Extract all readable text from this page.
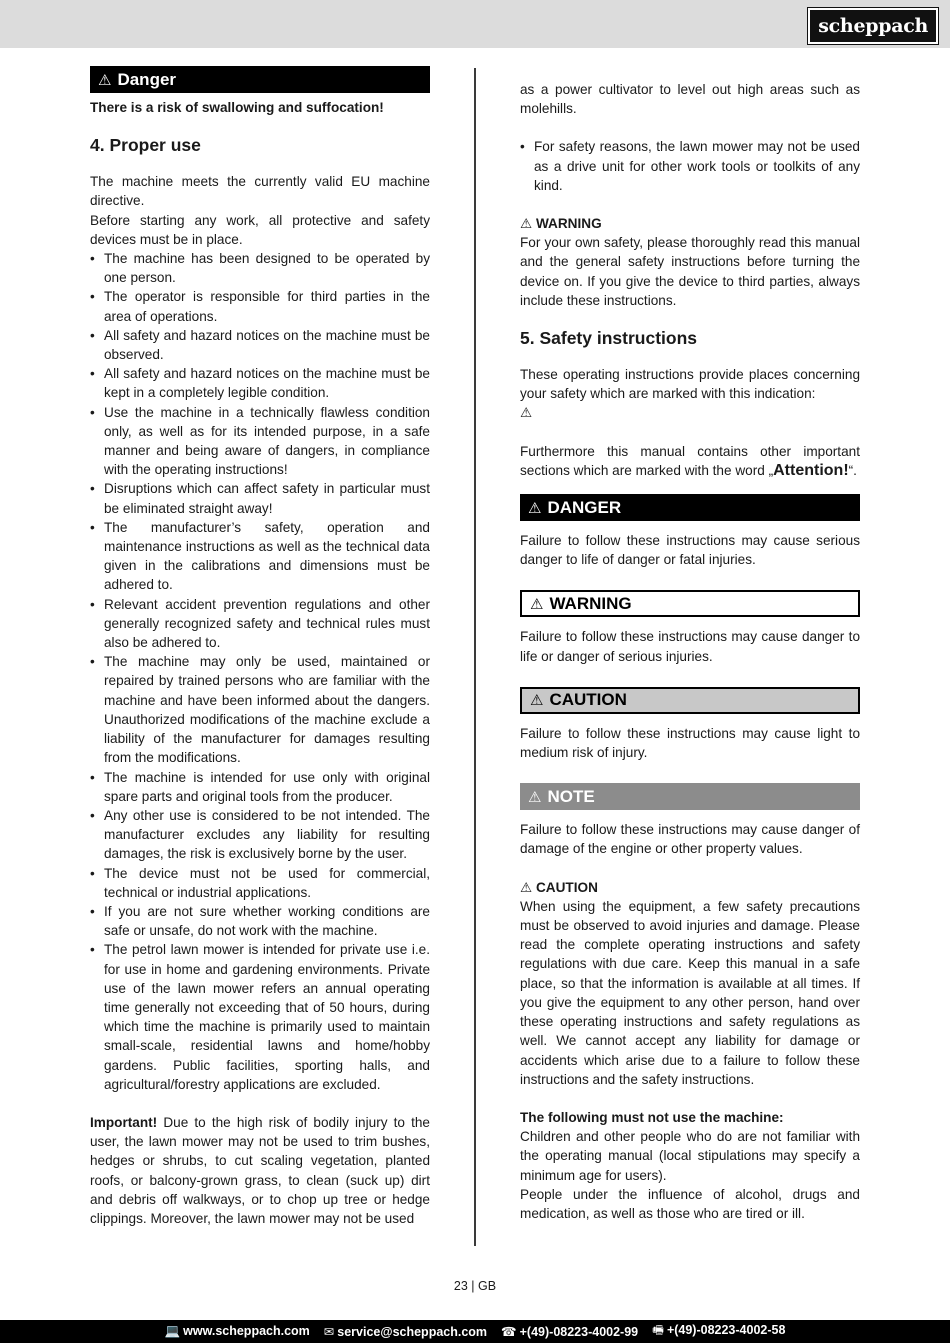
scheppach
⚠ Danger

There is a risk of swallowing and suffocation!

4. Proper use

The machine meets the currently valid EU machine directive.

Before starting any work, all protective and safety devices must be in place.

• The machine has been designed to be operated by one person.
• The operator is responsible for third parties in the area of operations.
• All safety and hazard notices on the machine must be observed.
• All safety and hazard notices on the machine must be kept in a completely legible condition.
• Use the machine in a technically flawless condition only, as well as for its intended purpose, in a safe manner and being aware of dangers, in compliance with the operating instructions!
• Disruptions which can affect safety in particular must be eliminated straight away!
• The manufacturer’s safety, operation and maintenance instructions as well as the technical data given in the calibrations and dimensions must be adhered to.
• Relevant accident prevention regulations and other generally recognized safety and technical rules must also be adhered to.
• The machine may only be used, maintained or repaired by trained persons who are familiar with the machine and have been informed about the dangers. Unauthorized modifications of the machine exclude a liability of the manufacturer for damages resulting from the modifications.
• The machine is intended for use only with original spare parts and original tools from the producer.
• Any other use is considered to be not intended. The manufacturer excludes any liability for resulting damages, the risk is exclusively borne by the user.
• The device must not be used for commercial, technical or industrial applications.
• If you are not sure whether working conditions are safe or unsafe, do not work with the machine.
• The petrol lawn mower is intended for private use i.e. for use in home and gardening environments. Private use of the lawn mower refers an annual operating time generally not exceeding that of 50 hours, during which time the machine is primarily used to maintain small-scale, residential lawns and home/hobby gardens. Public facilities, sporting halls, and agricultural/forestry applications are excluded.

Important! Due to the high risk of bodily injury to the user, the lawn mower may not be used to trim bushes, hedges or shrubs, to cut scaling vegetation, planted roofs, or balcony-grown grass, to clean (suck up) dirt and debris off walkways, or to chop up tree or hedge clippings. Moreover, the lawn mower may not be used

as a power cultivator to level out high areas such as molehills.

• For safety reasons, the lawn mower may not be used as a drive unit for other work tools or toolkits of any kind.
⚠ WARNING

For your own safety, please thoroughly read this manual and the general safety instructions before turning the device on. If you give the device to third parties, always include these instructions.

5. Safety instructions

These operating instructions provide places concerning your safety which are marked with this indication:

⚠

Furthermore this manual contains other important sections which are marked with the word „Attention!“.

⚠ DANGER

Failure to follow these instructions may cause serious danger to life of danger or fatal injuries.

⚠ WARNING

Failure to follow these instructions may cause danger to life or danger of serious injuries.

⚠ CAUTION

Failure to follow these instructions may cause light to medium risk of injury.

⚠ NOTE

Failure to follow these instructions may cause danger of damage of the engine or other property values.

⚠ CAUTION

When using the equipment, a few safety precautions must be observed to avoid injuries and damage. Please read the complete operating instructions and safety regulations with due care. Keep this manual in a safe place, so that the information is available at all times. If you give the equipment to any other person, hand over these operating instructions and safety regulations as well. We cannot accept any liability for damage or accidents which arise due to a failure to follow these instructions and the safety instructions.

The following must not use the machine:

Children and other people who do are not familiar with the operating manual (local stipulations may specify a minimum age for users).

People under the influence of alcohol, drugs and medication, as well as those who are tired or ill.

23 | GB
💻 www.scheppach.com ✉ service@scheppach.com ☎ +(49)-08223-4002-99 🖷 +(49)-08223-4002-58
